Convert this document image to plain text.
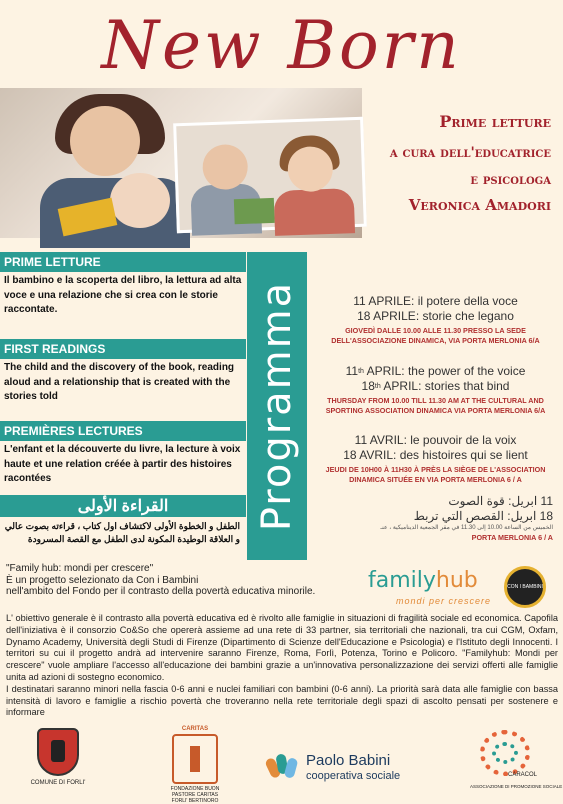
New Born
Prime letture
a cura dell'educatrice
e psicologa
Veronica Amadori
PRIME LETTURE
Il bambino e la scoperta del libro, la lettura ad alta voce e una relazione che si crea con le storie raccontate.
FIRST READINGS
The child and the discovery of the book, reading aloud and a relationship that is created with the stories told
PREMIÈRES LECTURES
L'enfant et la découverte du livre, la lecture à voix haute et une relation créée à partir des histoires racontées
القراءة الأولى
الطفل و الخطوة الأولى لاكتشاف اول كتاب ، قراءته بصوت عالي و العلاقة الوطيدة المكونة لدى الطفل مع القصة المسرودة
Programma	11 APRILE: il potere della voce
18 APRILE: storie che legano
GIOVEDÌ DALLE 10.00 ALLE 11.30 PRESSO LA SEDE DELL'ASSOCIAZIONE DINAMICA, VIA PORTA MERLONIA 6/A
11th APRIL: the power of the voice
18th APRIL: stories that bind
THURSDAY FROM 10.00 TILL 11.30 AM AT THE CULTURAL AND SPORTING ASSOCIATION DINAMICA VIA PORTA MERLONIA 6/A
11 AVRIL: le pouvoir de la voix
18 AVRIL: des histoires qui se lient
JEUDI DE 10H00 À 11H30 À PRÈS LA SIÈGE DE L'ASSOCIATION DINAMICA SITUÉE EN VIA PORTA MERLONIA 6 / A
11 ابريل: قوة الصوت
18 ابريل: القصص التي تربط
الخميس من الساعة 10.00 إلى 11.30 في مقر الجمعية الديناميكية ، عنـ
PORTA MERLONIA 6 / A
"Family hub: mondi per crescere"
È un progetto selezionato da Con i Bambini
nell'ambito del Fondo per il contrasto della povertà educativa minorile. familyhub
mondi per crescere
CON I BAMBINI

L' obiettivo generale è il contrasto alla povertà educativa ed è rivolto alle famiglie in situazioni di fragilità sociale ed economica. Capofila dell'iniziativa è il consorzio Co&So che opererà assieme ad una rete di 33 partner, sia territoriali che nazionali, tra cui CGM, Oxfam, Dynamo Academy, Università degli Studi di Firenze (Dipartimento di Scienze dell'Educazione e Psicologia) e l'Istituto degli Innocenti. I territori su cui il progetto andrà ad intervenire saranno Firenze, Roma, Forlì, Potenza, Torino e Policoro. "Familyhub: Mondi per crescere" vuole ampliare l'accesso all'educazione dei bambini grazie a un'innovativa personalizzazione dei servizi offerti alle famiglie unita ad azioni di sostegno economico.

I destinatari saranno minori nella fascia 0-6 anni e nuclei familiari con bambini (0-6 anni). La priorità sarà data alle famiglie con bassa intensità di lavoro e famiglie a rischio povertà che troveranno nella rete territoriale degli spazi di ascolto pensati per sostenere e informare

COMUNE DI FORLI'
CARITAS
FONDAZIONE BUON PASTORE CARITAS FORLI' BERTINORO
Paolo Babini
cooperativa sociale	CARACOL
ASSOCIAZIONE DI PROMOZIONE SOCIALE
